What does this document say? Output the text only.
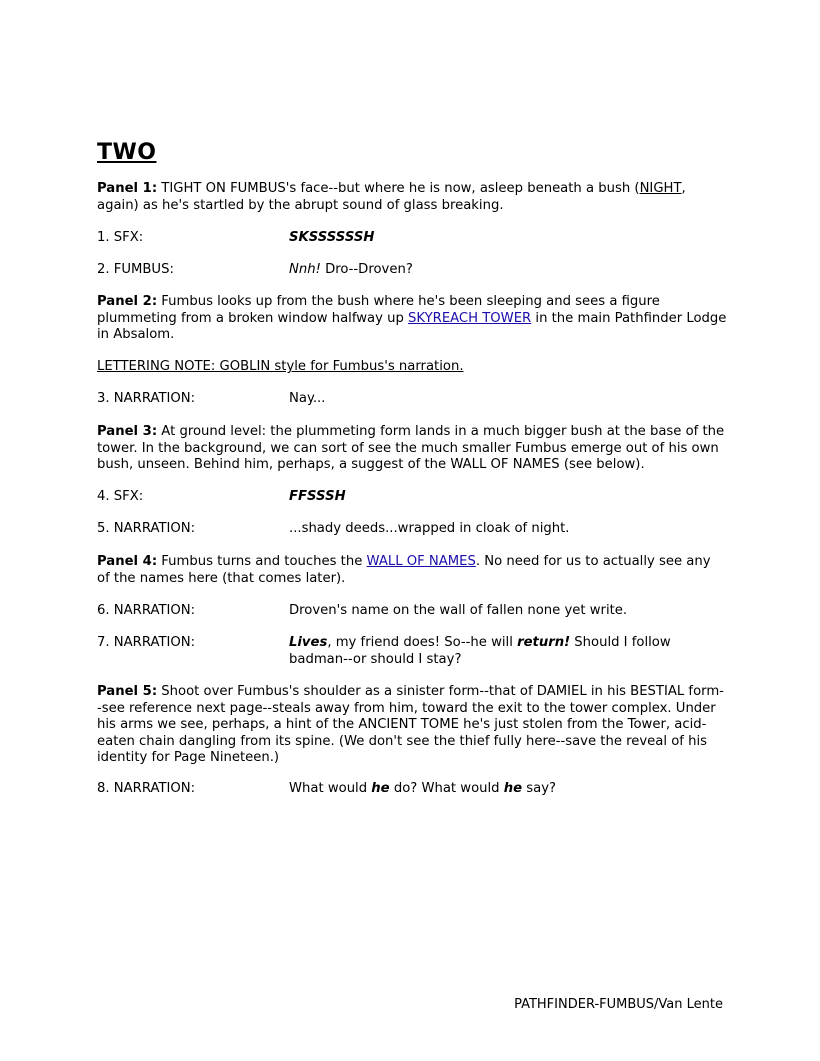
TWO

Panel 1: TIGHT ON FUMBUS's face--but where he is now, asleep beneath a bush (NIGHT, again) as he's startled by the abrupt sound of glass breaking.

1. SFX:	SKSSSSSSH
2. FUMBUS:	Nnh! Dro--Droven?

Panel 2: Fumbus looks up from the bush where he's been sleeping and sees a figure plummeting from a broken window halfway up SKYREACH TOWER in the main Pathfinder Lodge in Absalom.

LETTERING NOTE: GOBLIN style for Fumbus's narration.
3. NARRATION:	Nay...

Panel 3: At ground level: the plummeting form lands in a much bigger bush at the base of the tower. In the background, we can sort of see the much smaller Fumbus emerge out of his own bush, unseen. Behind him, perhaps, a suggest of the WALL OF NAMES (see below).

4. SFX:	FFSSSH
5. NARRATION:	...shady deeds...wrapped in cloak of night.

Panel 4: Fumbus turns and touches the WALL OF NAMES. No need for us to actually see any of the names here (that comes later).

6. NARRATION:	Droven's name on the wall of fallen none yet write.
7. NARRATION:	Lives, my friend does! So--he will return! Should I follow badman--or should I stay?

Panel 5: Shoot over Fumbus's shoulder as a sinister form--that of DAMIEL in his BESTIAL form--see reference next page--steals away from him, toward the exit to the tower complex. Under his arms we see, perhaps, a hint of the ANCIENT TOME he's just stolen from the Tower, acid-eaten chain dangling from its spine. (We don't see the thief fully here--save the reveal of his identity for Page Nineteen.)

8. NARRATION:	What would he do? What would he say?
PATHFINDER-FUMBUS/Van Lente
